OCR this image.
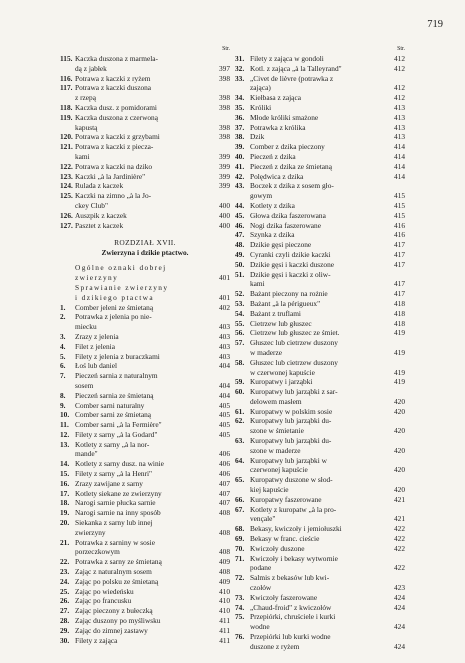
719
Str.
115. Kaczka duszona z marmela-
dą z jabłek	397
116. Potrawa z kaczki z ryżem	398
117. Potrawa z kaczki duszona
z rzepą	398
118. Kaczka dusz. z pomidorami	398
119. Kaczka duszona z czerwoną
kapustą	398
120. Potrawa z kaczki z grzybami	398
121. Potrawa z kaczki z piecza-
kami	399
122. Potrawa z kaczki na dziko	399
123. Kaczki „à la Jardinière"	399
124. Rulada z kaczek	399
125. Kaczki na zimno „à la Jo-
ckey Club"	400
126. Auszpik z kaczek	400
127. Pasztet z kaczek	400
ROZDZIAŁ XVII.
Zwierzyna i dzikie ptactwo.
Ogólne oznaki dobrej
zwierzyny	401
Sprawianie zwierzyny
i dzikiego ptactwa	401
1.	Comber jeleni ze śmietaną	402
2.	Potrawka z jelenia po nie-
miecku	403
3.	Zrazy z jelenia	403
4.	Filet z jelenia	403
5.	Filety z jelenia z buraczkami	403
6.	Łoś lub daniel	404
7.	Pieczeń sarnia z naturalnym
sosem	404
8.	Pieczeń sarnia ze śmietaną	404
9.	Comber sarni naturalny	405
10. Comber sarni ze śmietaną	405
11. Comber sarni „à la Fermière"	405
12. Filety z sarny „à la Godard"	405
13. Kotlety z sarny „à la nor-
mande"	406
14. Kotlety z sarny dusz. na winie	406
15. Filety z sarny „à la Henri"	406
16. Zrazy zawijane z sarny	407
17. Kotlety siekane ze zwierzyny	407
18. Narogi sarnie płucka sarnie	407
19. Narogi sarnie na inny sposób	408
20. Siekanka z sarny lub innej
zwierzyny	408
21. Potrawka z sarniny w sosie
porzeczkowym	408
22. Potrawka z sarny ze śmietaną	409
23. Zając z naturalnym sosem	408
24. Zając po polsku ze śmietaną	409
25. Zając po wiedeńsku	410
26. Zając po francusku	410
27. Zając pieczony z bułeczką	410
28. Zając duszony po myśliwsku	411
29. Zając do zimnej zastawy	411
30. Filety z zająca	411
Str.
31. Filety z zająca w gondoli	412
32. Kotl. z zająca „à la Talleyrand"	412
33. „Civet de lièvre (potrawka z
zająca)	412
34. Kiełbasa z zająca	412
35. Króliki	413
36. Młode króliki smażone	413
37. Potrawka z królika	413
38. Dzik	413
39. Comber z dzika pieczony	414
40. Pieczeń z dzika	414
41. Pieczeń z dzika ze śmietaną	414
42. Polędwica z dzika	414
43. Boczek z dzika z sosem gło-
gowym	415
44. Kotlety z dzika	415
45. Głowa dzika faszerowana	415
46. Nogi dzika faszerowane	416
47. Szynka z dzika	416
48. Dzikie gęsi pieczone	417
49. Cyranki czyli dzikie kaczki	417
50. Dzikie gęsi i kaczki duszone	417
51. Dzikie gęsi i kaczki z oliw-
kami	417
52. Bażant pieczony na rożnie	417
53. Bażant „à la périgueux"	418
54. Bażant z truflami	418
55. Cietrzew lub głuszec	418
56. Cietrzew lub głuszec ze śmiet.	419
57. Głuszec lub cietrzew duszony
w maderze	419
58. Głuszec lub cietrzew duszony
w czerwonej kapuście	419
59. Kuropatwy i jarząbki	419
60. Kuropatwy lub jarząbki z sar-
delowem masłem	420
61. Kuropatwy w polskim sosie	420
62. Kuropatwy lub jarząbki du-
szone w śmietanie	420
63. Kuropatwy lub jarząbki du-
szone w maderze	420
64. Kuropatwy lub jarząbki w
czerwonej kapuście	420
65. Kuropatwy duszone w słod-
kiej kapuście	420
66. Kuropatwy faszerowane	421
67. Kotlety z kuropatw „à la pro-
vençale"	421
68. Bekasy, kwiczoły i jemiołuszki	422
69. Bekasy w franc. cieście	422
70. Kwiczoły duszone	422
71. Kwiczoły i bekasy wytwornie
podane	422
72. Salmis z bekasów lub kwi-
czołów	423
73. Kwiczoły faszerowane	424
74. „Chaud-froid" z kwiczołów	424
75. Przepiórki, chruściele i kurki
wodne	424
76. Przepiórki lub kurki wodne
duszone z ryżem	424
